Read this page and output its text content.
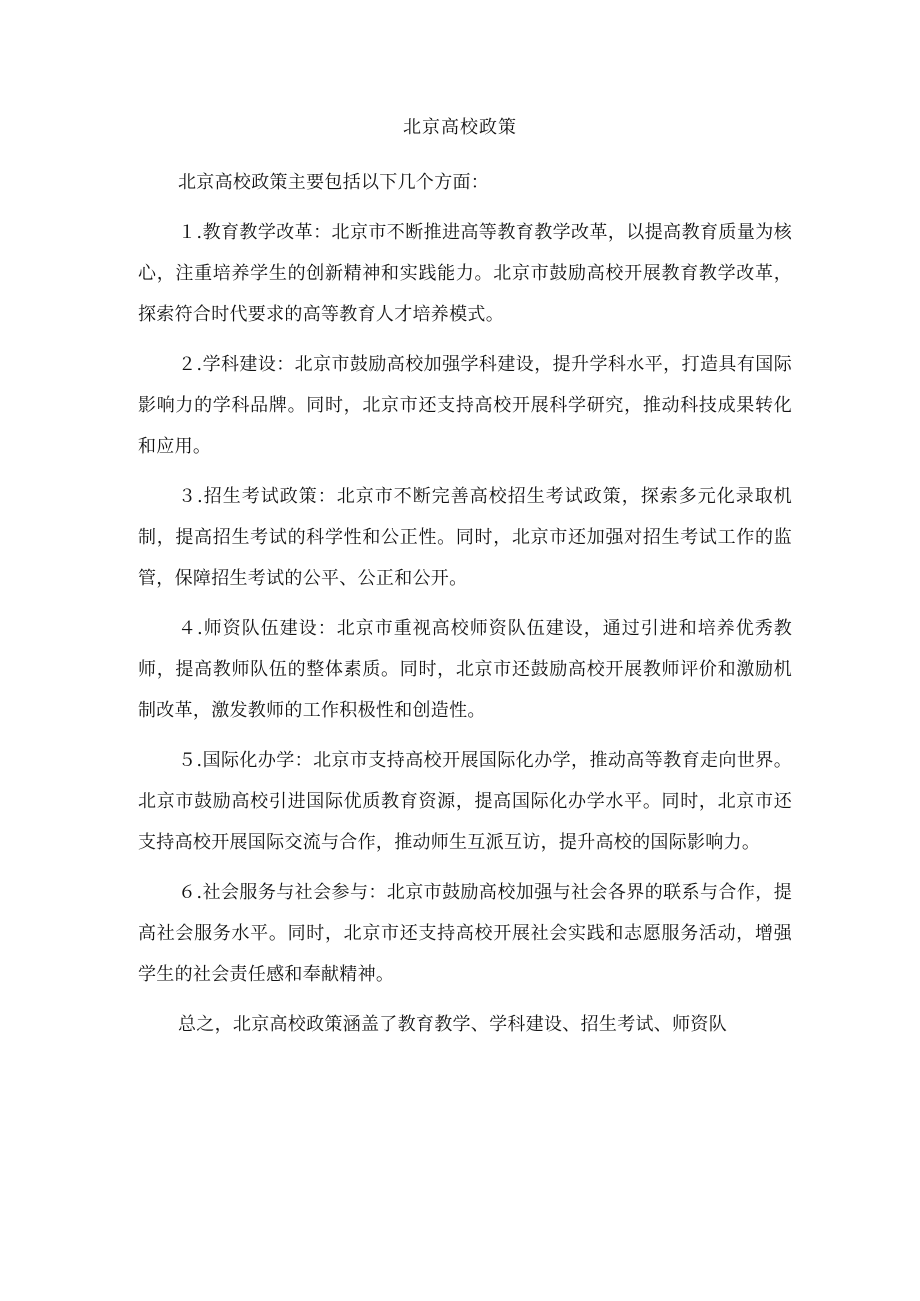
北京高校政策

北京高校政策主要包括以下几个方面：

１.教育教学改革：北京市不断推进高等教育教学改革，以提高教育质量为核心，注重培养学生的创新精神和实践能力。北京市鼓励高校开展教育教学改革，探索符合时代要求的高等教育人才培养模式。

２.学科建设：北京市鼓励高校加强学科建设，提升学科水平，打造具有国际影响力的学科品牌。同时，北京市还支持高校开展科学研究，推动科技成果转化和应用。

３.招生考试政策：北京市不断完善高校招生考试政策，探索多元化录取机制，提高招生考试的科学性和公正性。同时，北京市还加强对招生考试工作的监管，保障招生考试的公平、公正和公开。

４.师资队伍建设：北京市重视高校师资队伍建设，通过引进和培养优秀教师，提高教师队伍的整体素质。同时，北京市还鼓励高校开展教师评价和激励机制改革，激发教师的工作积极性和创造性。

５.国际化办学：北京市支持高校开展国际化办学，推动高等教育走向世界。北京市鼓励高校引进国际优质教育资源，提高国际化办学水平。同时，北京市还支持高校开展国际交流与合作，推动师生互派互访，提升高校的国际影响力。

６.社会服务与社会参与：北京市鼓励高校加强与社会各界的联系与合作，提高社会服务水平。同时，北京市还支持高校开展社会实践和志愿服务活动，增强学生的社会责任感和奉献精神。

总之，北京高校政策涵盖了教育教学、学科建设、招生考试、师资队
